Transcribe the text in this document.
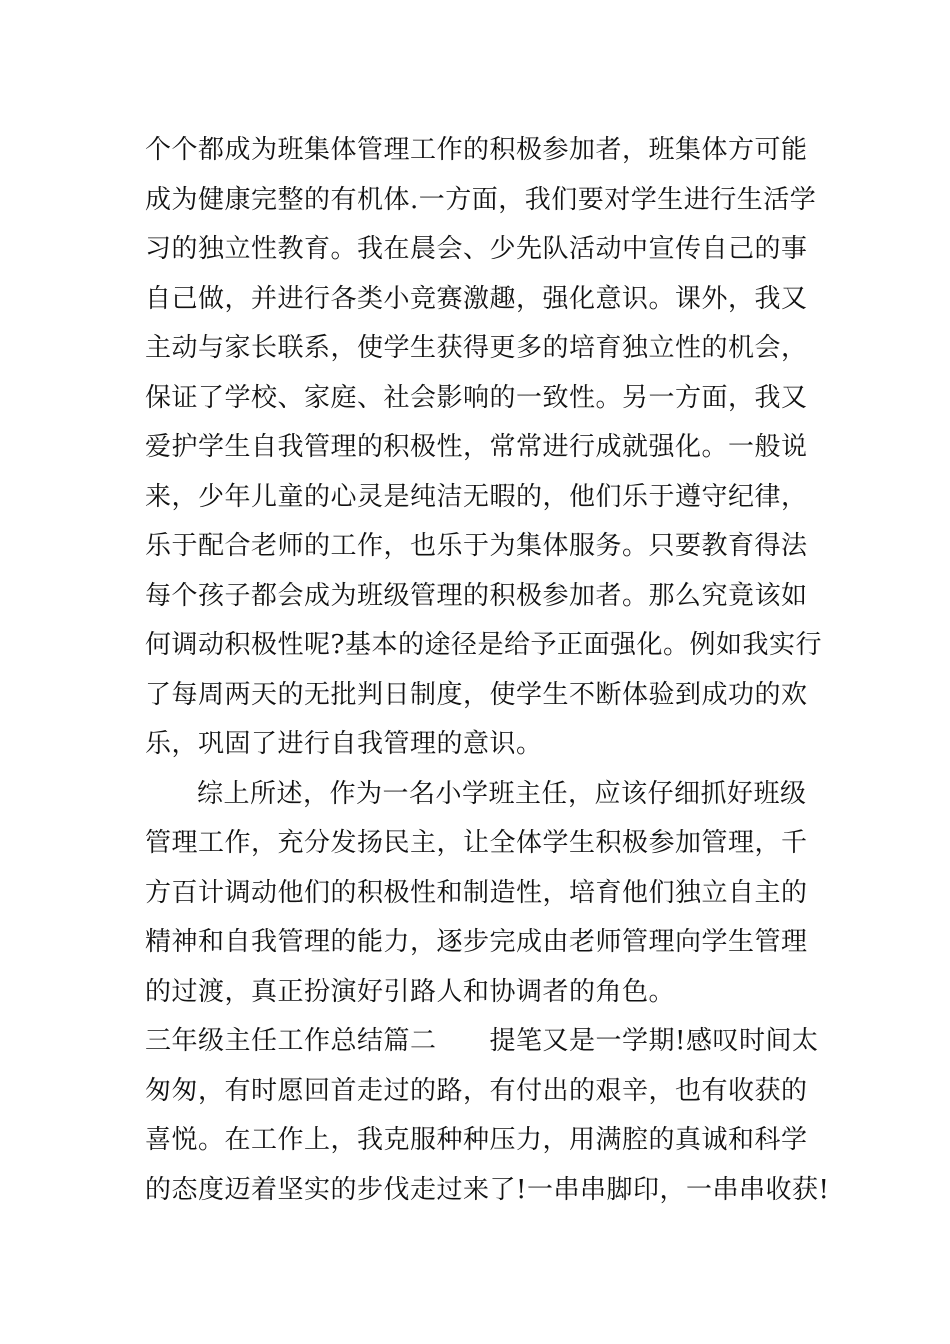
个个都成为班集体管理工作的积极参加者，班集体方可能
成为健康完整的有机体.一方面，我们要对学生进行生活学
习的独立性教育。我在晨会、少先队活动中宣传自己的事
自己做，并进行各类小竞赛激趣，强化意识。课外，我又
主动与家长联系，使学生获得更多的培育独立性的机会，
保证了学校、家庭、社会影响的一致性。另一方面，我又
爱护学生自我管理的积极性，常常进行成就强化。一般说
来，少年儿童的心灵是纯洁无暇的，他们乐于遵守纪律，
乐于配合老师的工作，也乐于为集体服务。只要教育得法
每个孩子都会成为班级管理的积极参加者。那么究竟该如
何调动积极性呢?基本的途径是给予正面强化。例如我实行
了每周两天的无批判日制度，使学生不断体验到成功的欢
乐，巩固了进行自我管理的意识。
综上所述，作为一名小学班主任，应该仔细抓好班级
管理工作，充分发扬民主，让全体学生积极参加管理，千
方百计调动他们的积极性和制造性，培育他们独立自主的
精神和自我管理的能力，逐步完成由老师管理向学生管理
的过渡，真正扮演好引路人和协调者的角色。
三年级主任工作总结篇二　　提笔又是一学期!感叹时间太
匆匆，有时愿回首走过的路，有付出的艰辛，也有收获的
喜悦。在工作上，我克服种种压力，用满腔的真诚和科学
的态度迈着坚实的步伐走过来了!一串串脚印，一串串收获!
